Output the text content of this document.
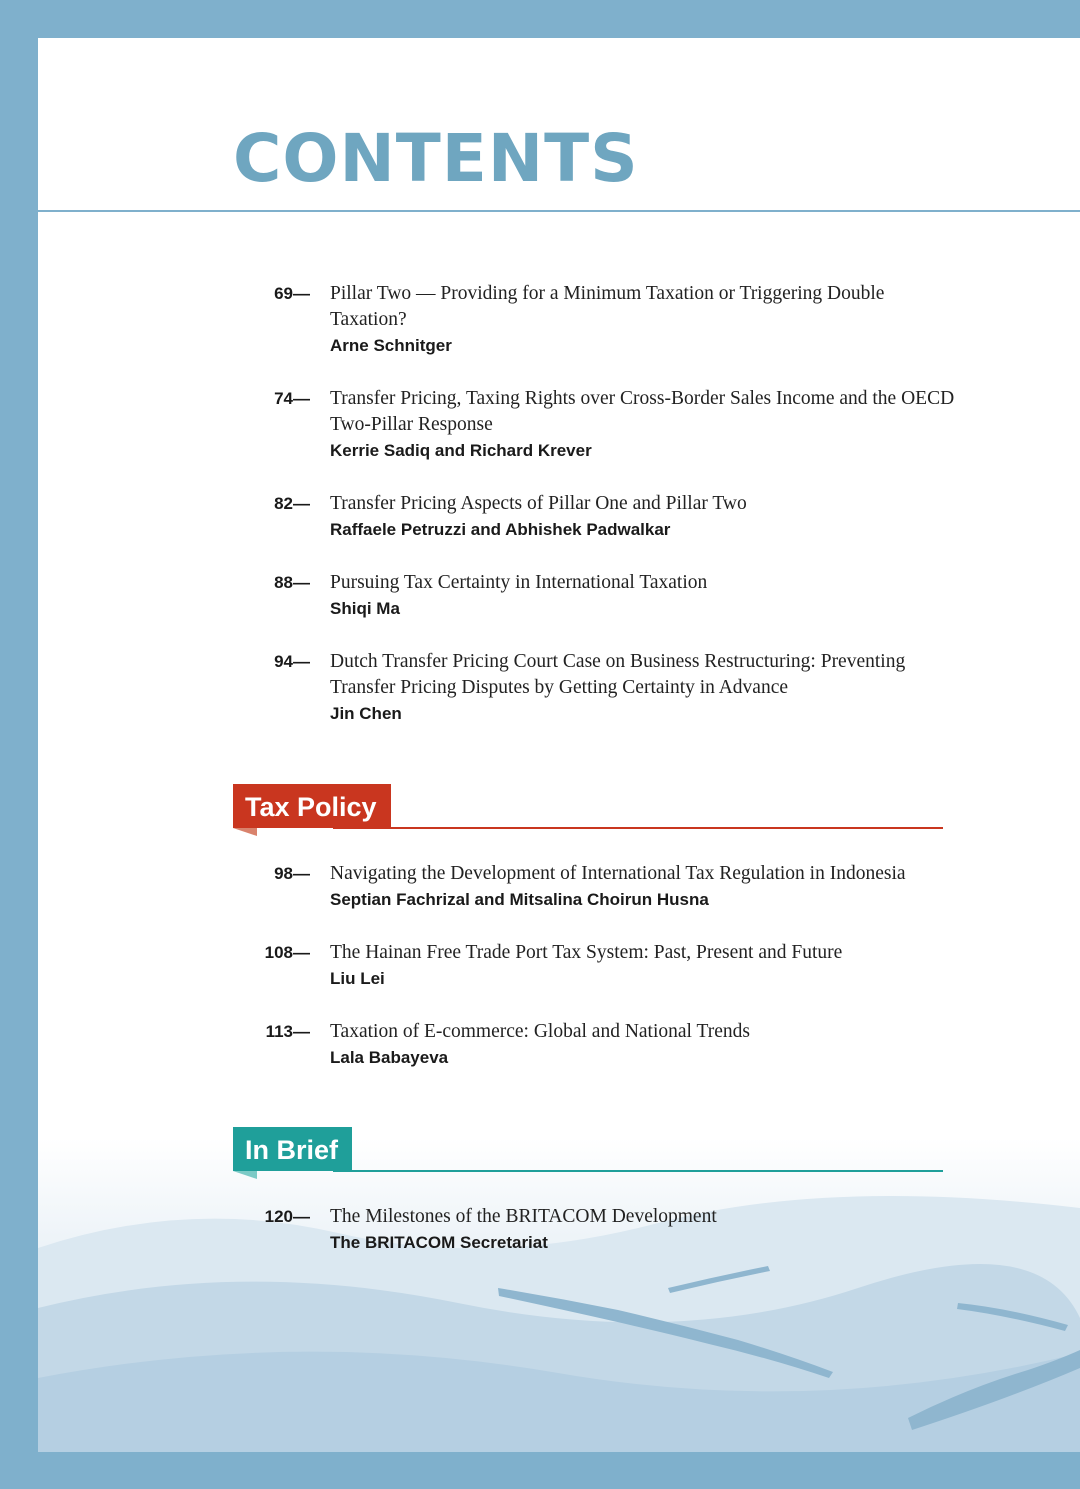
CONTENTS
69— Pillar Two — Providing for a Minimum Taxation or Triggering Double Taxation?
Arne Schnitger
74— Transfer Pricing, Taxing Rights over Cross-Border Sales Income and the OECD Two-Pillar Response
Kerrie Sadiq and Richard Krever
82— Transfer Pricing Aspects of Pillar One and Pillar Two
Raffaele Petruzzi and Abhishek Padwalkar
88— Pursuing Tax Certainty in International Taxation
Shiqi Ma
94— Dutch Transfer Pricing Court Case on Business Restructuring: Preventing Transfer Pricing Disputes by Getting Certainty in Advance
Jin Chen
Tax Policy
98— Navigating the Development of International Tax Regulation in Indonesia
Septian Fachrizal and Mitsalina Choirun Husna
108— The Hainan Free Trade Port Tax System: Past, Present and Future
Liu Lei
113— Taxation of E-commerce: Global and National Trends
Lala Babayeva
In Brief
120— The Milestones of the BRITACOM Development
The BRITACOM Secretariat
